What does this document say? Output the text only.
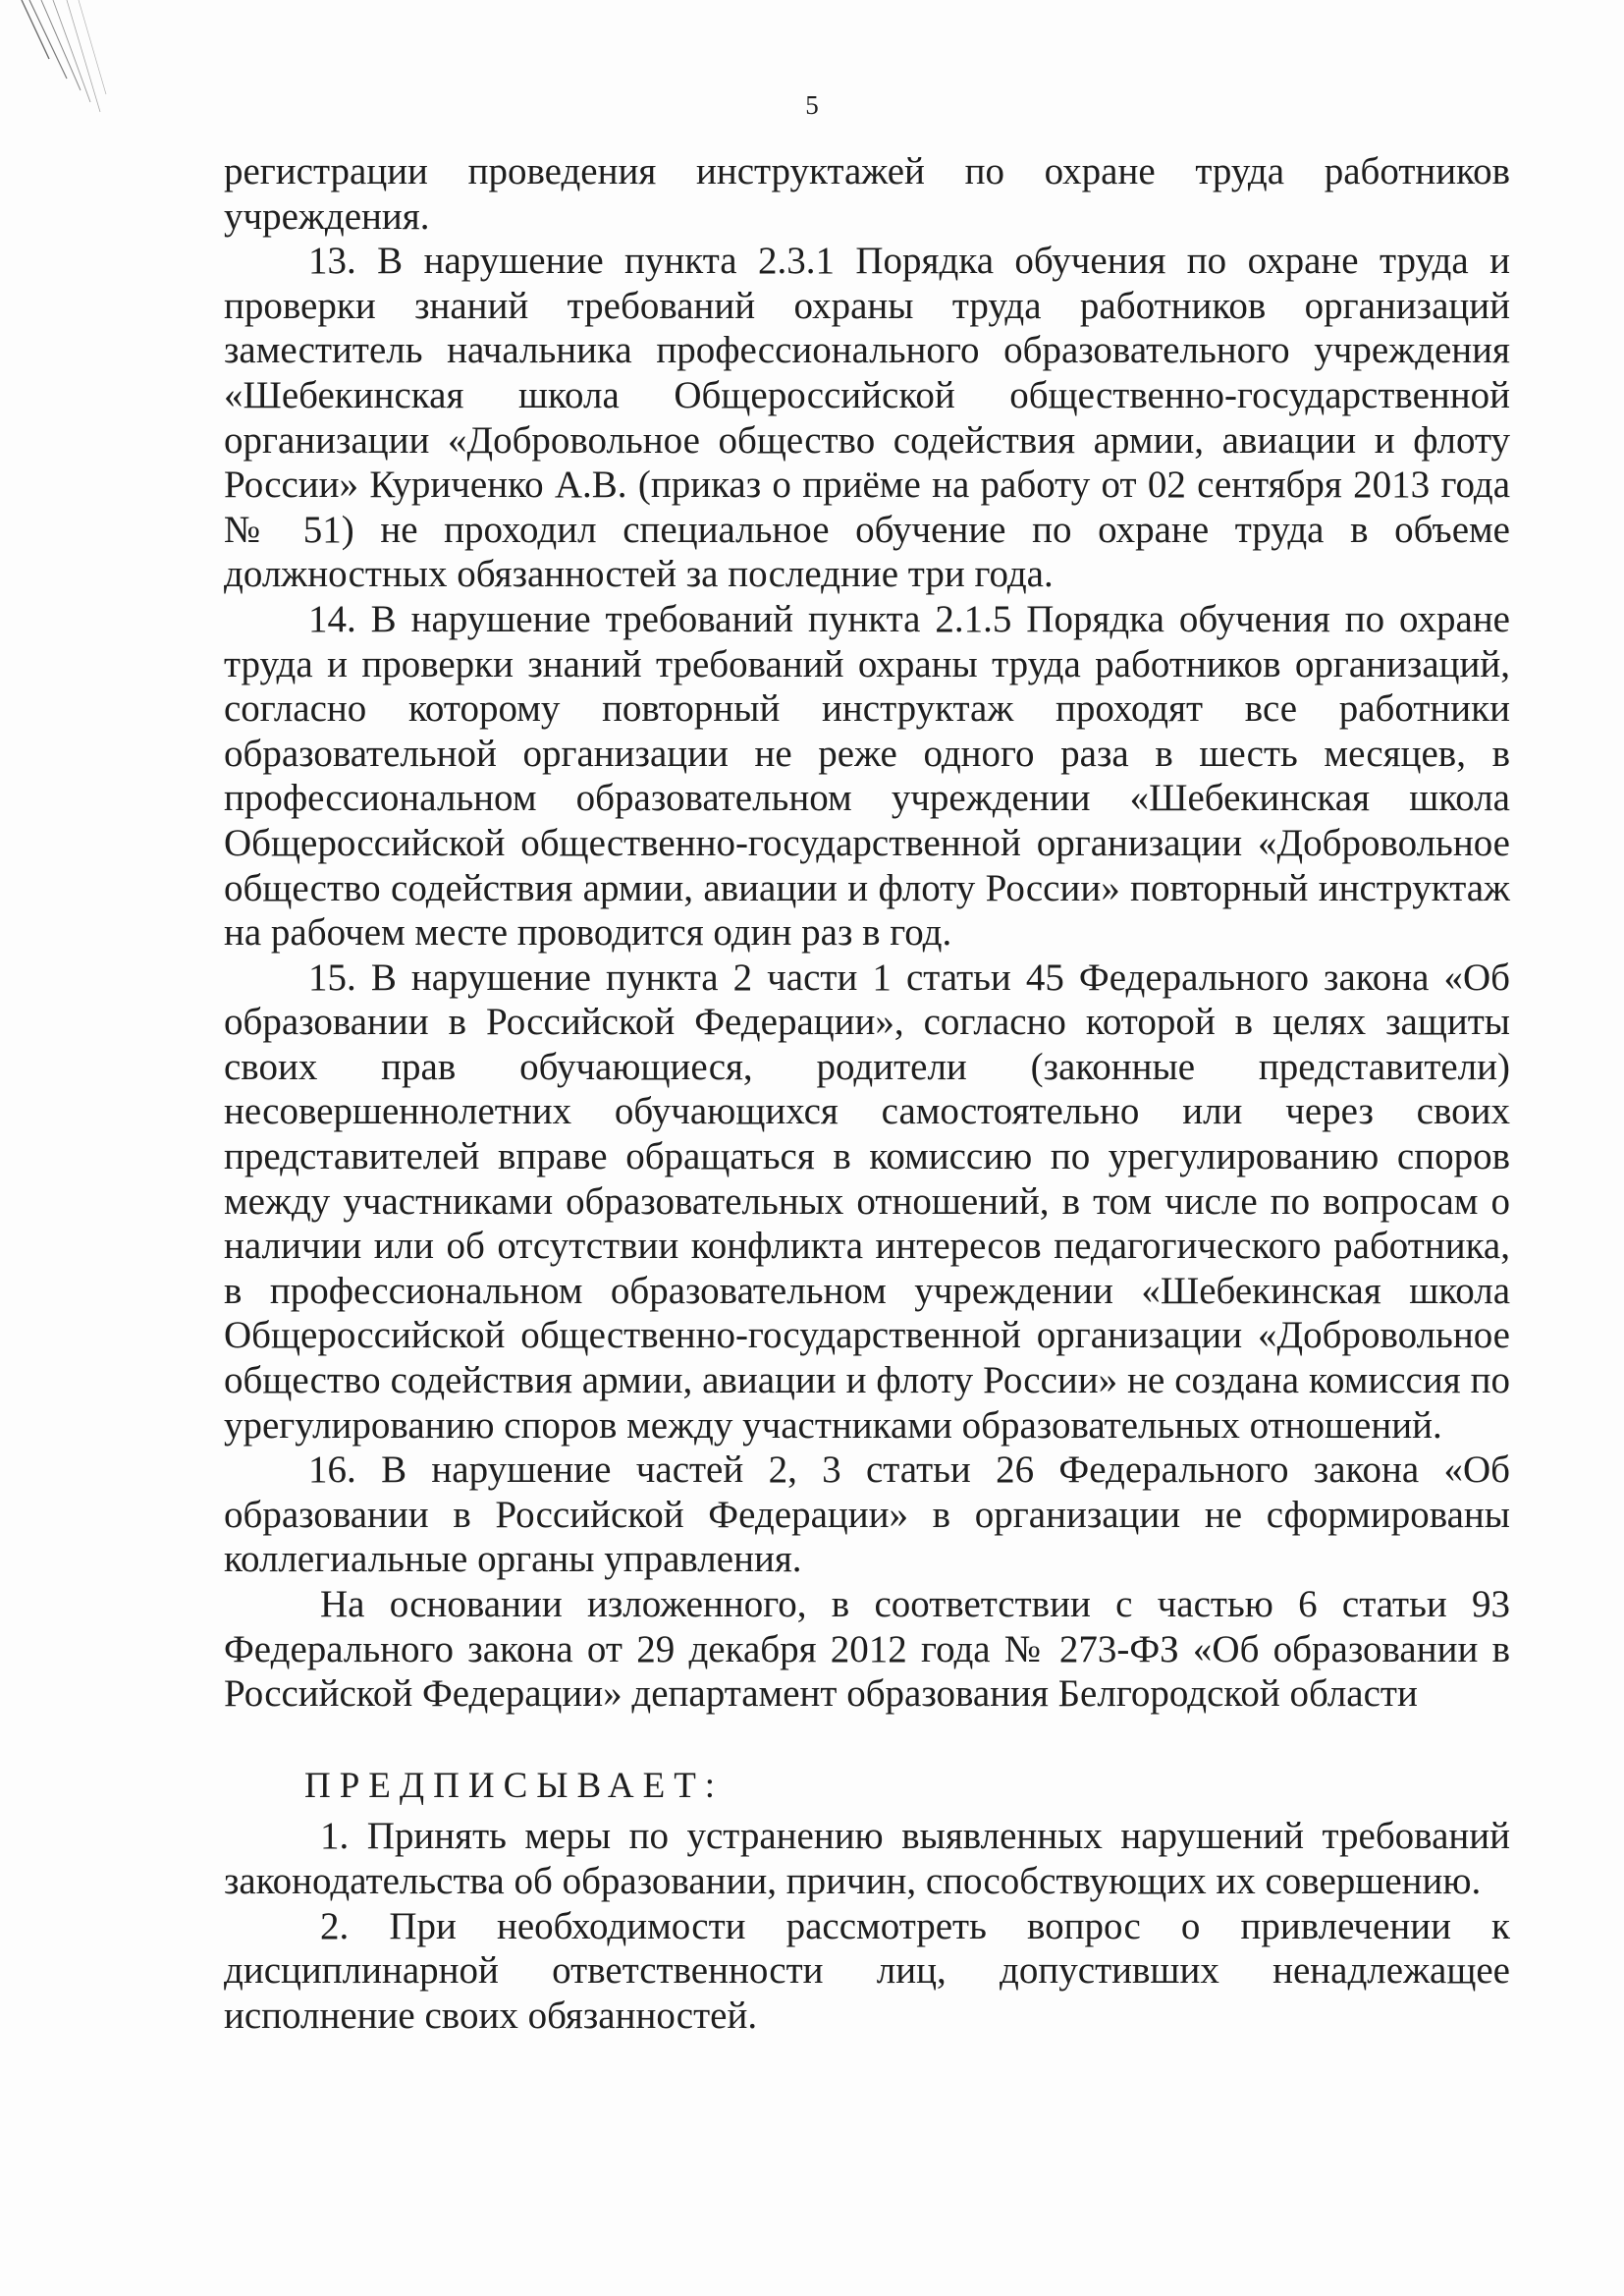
5

регистрации проведения инструктажей по охране труда работников учреждения.

13. В нарушение пункта 2.3.1 Порядка обучения по охране труда и проверки знаний требований охраны труда работников организаций заместитель начальника профессионального образовательного учреждения «Шебекинская школа Общероссийской общественно-государственной организации «Добровольное общество содействия армии, авиации и флоту России» Куриченко А.В. (приказ о приёме на работу от 02 сентября 2013 года № 51) не проходил специальное обучение по охране труда в объеме должностных обязанностей за последние три года.

14. В нарушение требований пункта 2.1.5 Порядка обучения по охране труда и проверки знаний требований охраны труда работников организаций, согласно которому повторный инструктаж проходят все работники образовательной организации не реже одного раза в шесть месяцев, в профессиональном образовательном учреждении «Шебекинская школа Общероссийской общественно-государственной организации «Добровольное общество содействия армии, авиации и флоту России» повторный инструктаж на рабочем месте проводится один раз в год.

15. В нарушение пункта 2 части 1 статьи 45 Федерального закона «Об образовании в Российской Федерации», согласно которой в целях защиты своих прав обучающиеся, родители (законные представители) несовершеннолетних обучающихся самостоятельно или через своих представителей вправе обращаться в комиссию по урегулированию споров между участниками образовательных отношений, в том числе по вопросам о наличии или об отсутствии конфликта интересов педагогического работника, в профессиональном образовательном учреждении «Шебекинская школа Общероссийской общественно-государственной организации «Добровольное общество содействия армии, авиации и флоту России» не создана комиссия по урегулированию споров между участниками образовательных отношений.

16. В нарушение частей 2, 3 статьи 26 Федерального закона «Об образовании в Российской Федерации» в организации не сформированы коллегиальные органы управления.

На основании изложенного, в соответствии с частью 6 статьи 93 Федерального закона от 29 декабря 2012 года № 273-ФЗ «Об образовании в Российской Федерации» департамент образования Белгородской области

ПРЕДПИСЫВАЕТ:

1. Принять меры по устранению выявленных нарушений требований законодательства об образовании, причин, способствующих их совершению.

2. При необходимости рассмотреть вопрос о привлечении к дисциплинарной ответственности лиц, допустивших ненадлежащее исполнение своих обязанностей.
